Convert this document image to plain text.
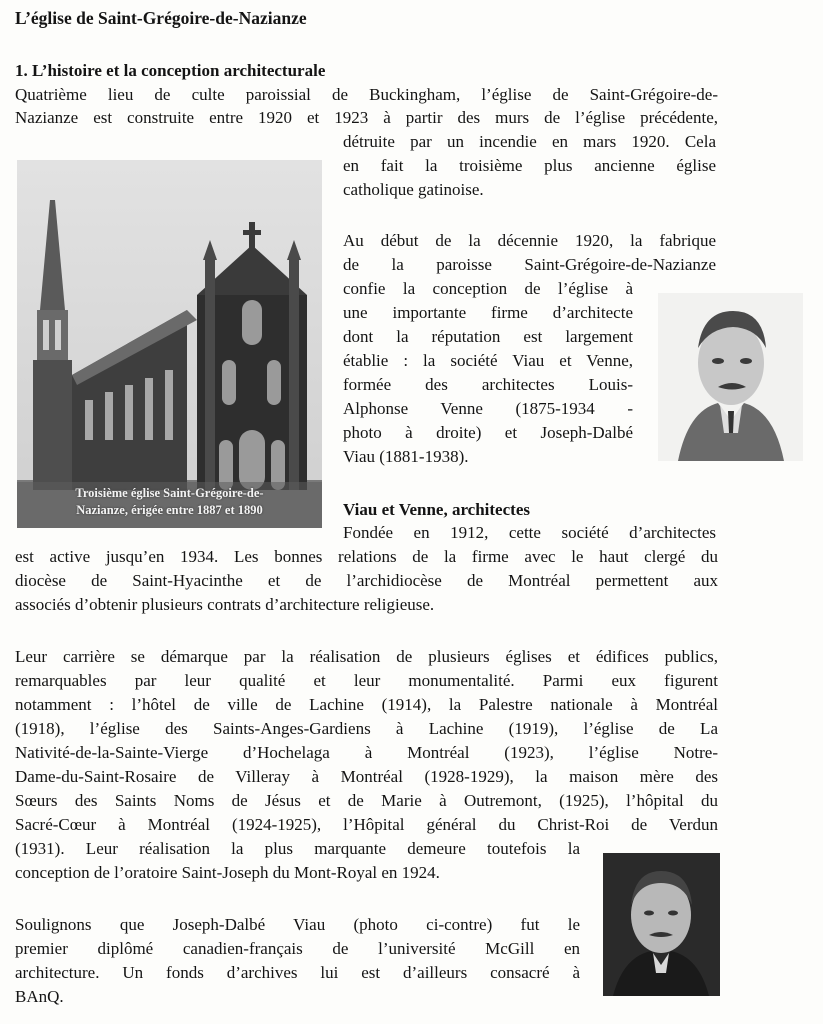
L’église de Saint-Grégoire-de-Nazianze
1. L’histoire et la conception architecturale
Quatrième lieu de culte paroissial de Buckingham, l’église de Saint-Grégoire-de-
Nazianze est construite entre 1920 et 1923 à partir des murs de l’église précédente,
détruite par un incendie en mars 1920. Cela
en fait la troisième plus ancienne église
catholique gatinoise.
Au début de la décennie 1920, la fabrique
de la paroisse Saint-Grégoire-de-Nazianze
confie la conception de l’église à
une importante firme d’architecte
dont la réputation est largement
établie : la société Viau et Venne,
formée des architectes Louis-
Alphonse Venne (1875-1934 -
photo à droite) et Joseph-Dalbé
Viau (1881-1938).
Troisième église Saint-Grégoire-de-
Nazianze, érigée entre 1887 et 1890	Viau et Venne, architectes
Fondée en 1912, cette société d’architectes
est active jusqu’en 1934. Les bonnes relations de la firme avec le haut clergé du
diocèse de Saint-Hyacinthe et de l’archidiocèse de Montréal permettent aux
associés d’obtenir plusieurs contrats d’architecture religieuse.
Leur carrière se démarque par la réalisation de plusieurs églises et édifices publics,
remarquables par leur qualité et leur monumentalité. Parmi eux figurent
notamment : l’hôtel de ville de Lachine (1914), la Palestre nationale à Montréal
(1918), l’église des Saints-Anges-Gardiens à Lachine (1919), l’église de La
Nativité-de-la-Sainte-Vierge d’Hochelaga à Montréal (1923), l’église Notre-
Dame-du-Saint-Rosaire de Villeray à Montréal (1928-1929), la maison mère des
Sœurs des Saints Noms de Jésus et de Marie à Outremont, (1925), l’hôpital du
Sacré-Cœur à Montréal (1924-1925), l’Hôpital général du Christ-Roi de Verdun
(1931). Leur réalisation la plus marquante demeure toutefois la
conception de l’oratoire Saint-Joseph du Mont-Royal en 1924.
Soulignons que Joseph-Dalbé Viau (photo ci-contre) fut le
premier diplômé canadien-français de l’université McGill en
architecture. Un fonds d’archives lui est d’ailleurs consacré à
BAnQ.
